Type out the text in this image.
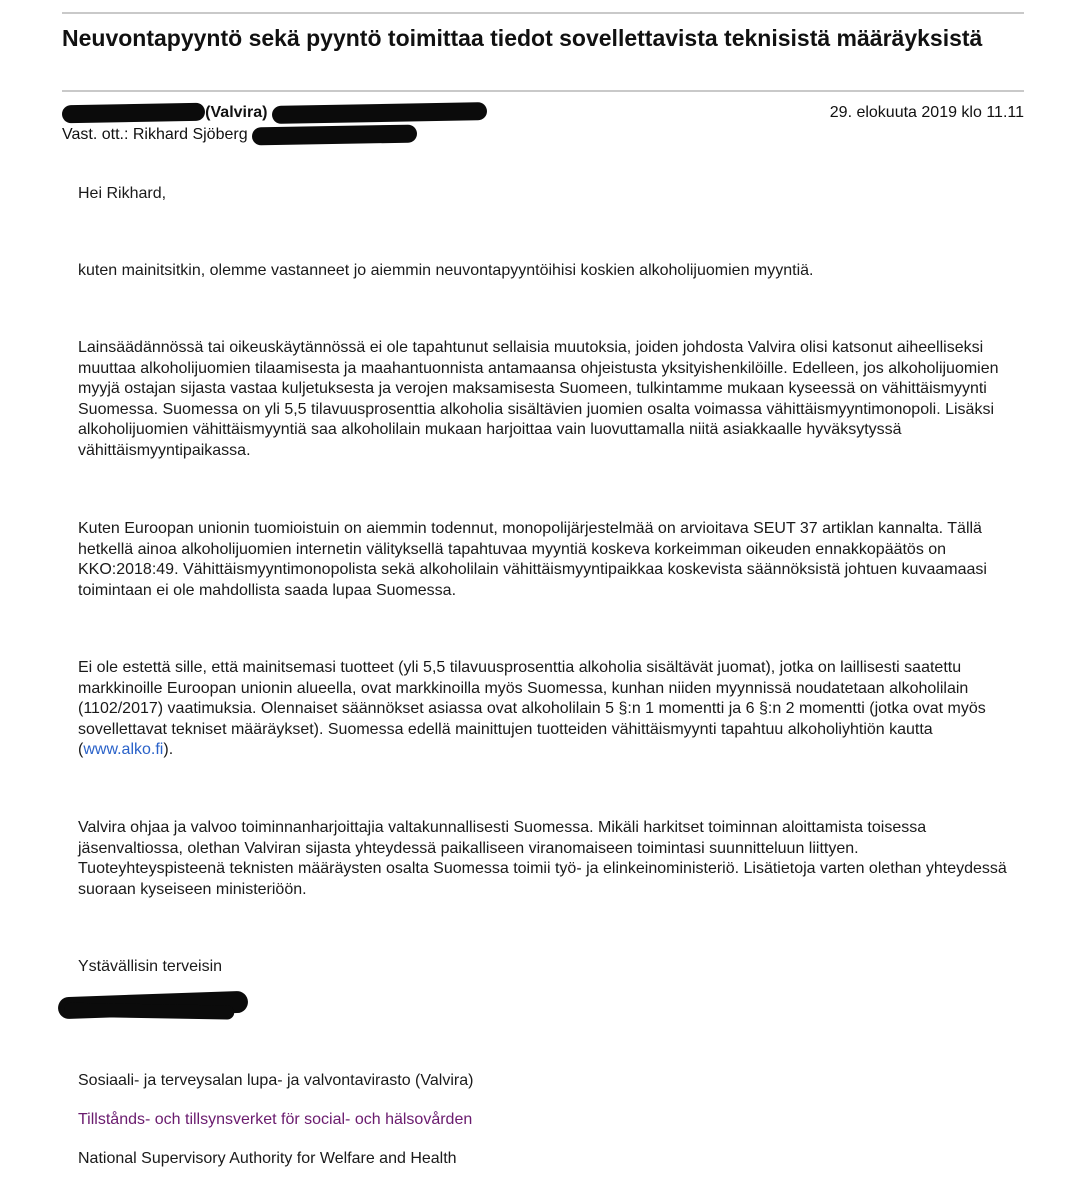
Neuvontapyyntö sekä pyyntö toimittaa tiedot sovellettavista teknisistä määräyksistä
(Valvira)	29. elokuuta 2019 klo 11.11
Vast. ott.: Rikhard Sjöberg
Hei Rikhard,
kuten mainitsitkin, olemme vastanneet jo aiemmin neuvontapyyntöihisi koskien alkoholijuomien myyntiä.
Lainsäädännössä tai oikeuskäytännössä ei ole tapahtunut sellaisia muutoksia, joiden johdosta Valvira olisi katsonut aiheelliseksi muuttaa alkoholijuomien tilaamisesta ja maahantuonnista antamaansa ohjeistusta yksityishenkilöille. Edelleen, jos alkoholijuomien myyjä ostajan sijasta vastaa kuljetuksesta ja verojen maksamisesta Suomeen, tulkintamme mukaan kyseessä on vähittäismyynti Suomessa. Suomessa on yli 5,5 tilavuusprosenttia alkoholia sisältävien juomien osalta voimassa vähittäismyyntimonopoli. Lisäksi alkoholijuomien vähittäismyyntiä saa alkoholilain mukaan harjoittaa vain luovuttamalla niitä asiakkaalle hyväksytyssä vähittäismyyntipaikassa.
Kuten Euroopan unionin tuomioistuin on aiemmin todennut, monopolijärjestelmää on arvioitava SEUT 37 artiklan kannalta. Tällä hetkellä ainoa alkoholijuomien internetin välityksellä tapahtuvaa myyntiä koskeva korkeimman oikeuden ennakkopäätös on KKO:2018:49. Vähittäismyyntimonopolista sekä alkoholilain vähittäismyyntipaikkaa koskevista säännöksistä johtuen kuvaamaasi toimintaan ei ole mahdollista saada lupaa Suomessa.
Ei ole estettä sille, että mainitsemasi tuotteet (yli 5,5 tilavuusprosenttia alkoholia sisältävät juomat), jotka on laillisesti saatettu markkinoille Euroopan unionin alueella, ovat markkinoilla myös Suomessa, kunhan niiden myynnissä noudatetaan alkoholilain (1102/2017) vaatimuksia. Olennaiset säännökset asiassa ovat alkoholilain 5 §:n 1 momentti ja 6 §:n 2 momentti (jotka ovat myös sovellettavat tekniset määräykset). Suomessa edellä mainittujen tuotteiden vähittäismyynti tapahtuu alkoholiyhtiön kautta (www.alko.fi).
Valvira ohjaa ja valvoo toiminnanharjoittajia valtakunnallisesti Suomessa. Mikäli harkitset toiminnan aloittamista toisessa jäsenvaltiossa, olethan Valviran sijasta yhteydessä paikalliseen viranomaiseen toimintasi suunnitteluun liittyen. Tuoteyhteyspisteenä teknisten määräysten osalta Suomessa toimii työ- ja elinkeinoministeriö. Lisätietoja varten olethan yhteydessä suoraan kyseiseen ministeriöön.
Ystävällisin terveisin
Sosiaali- ja terveysalan lupa- ja valvontavirasto (Valvira)
Tillstånds- och tillsynsverket för social- och hälsovården
National Supervisory Authority for Welfare and Health
